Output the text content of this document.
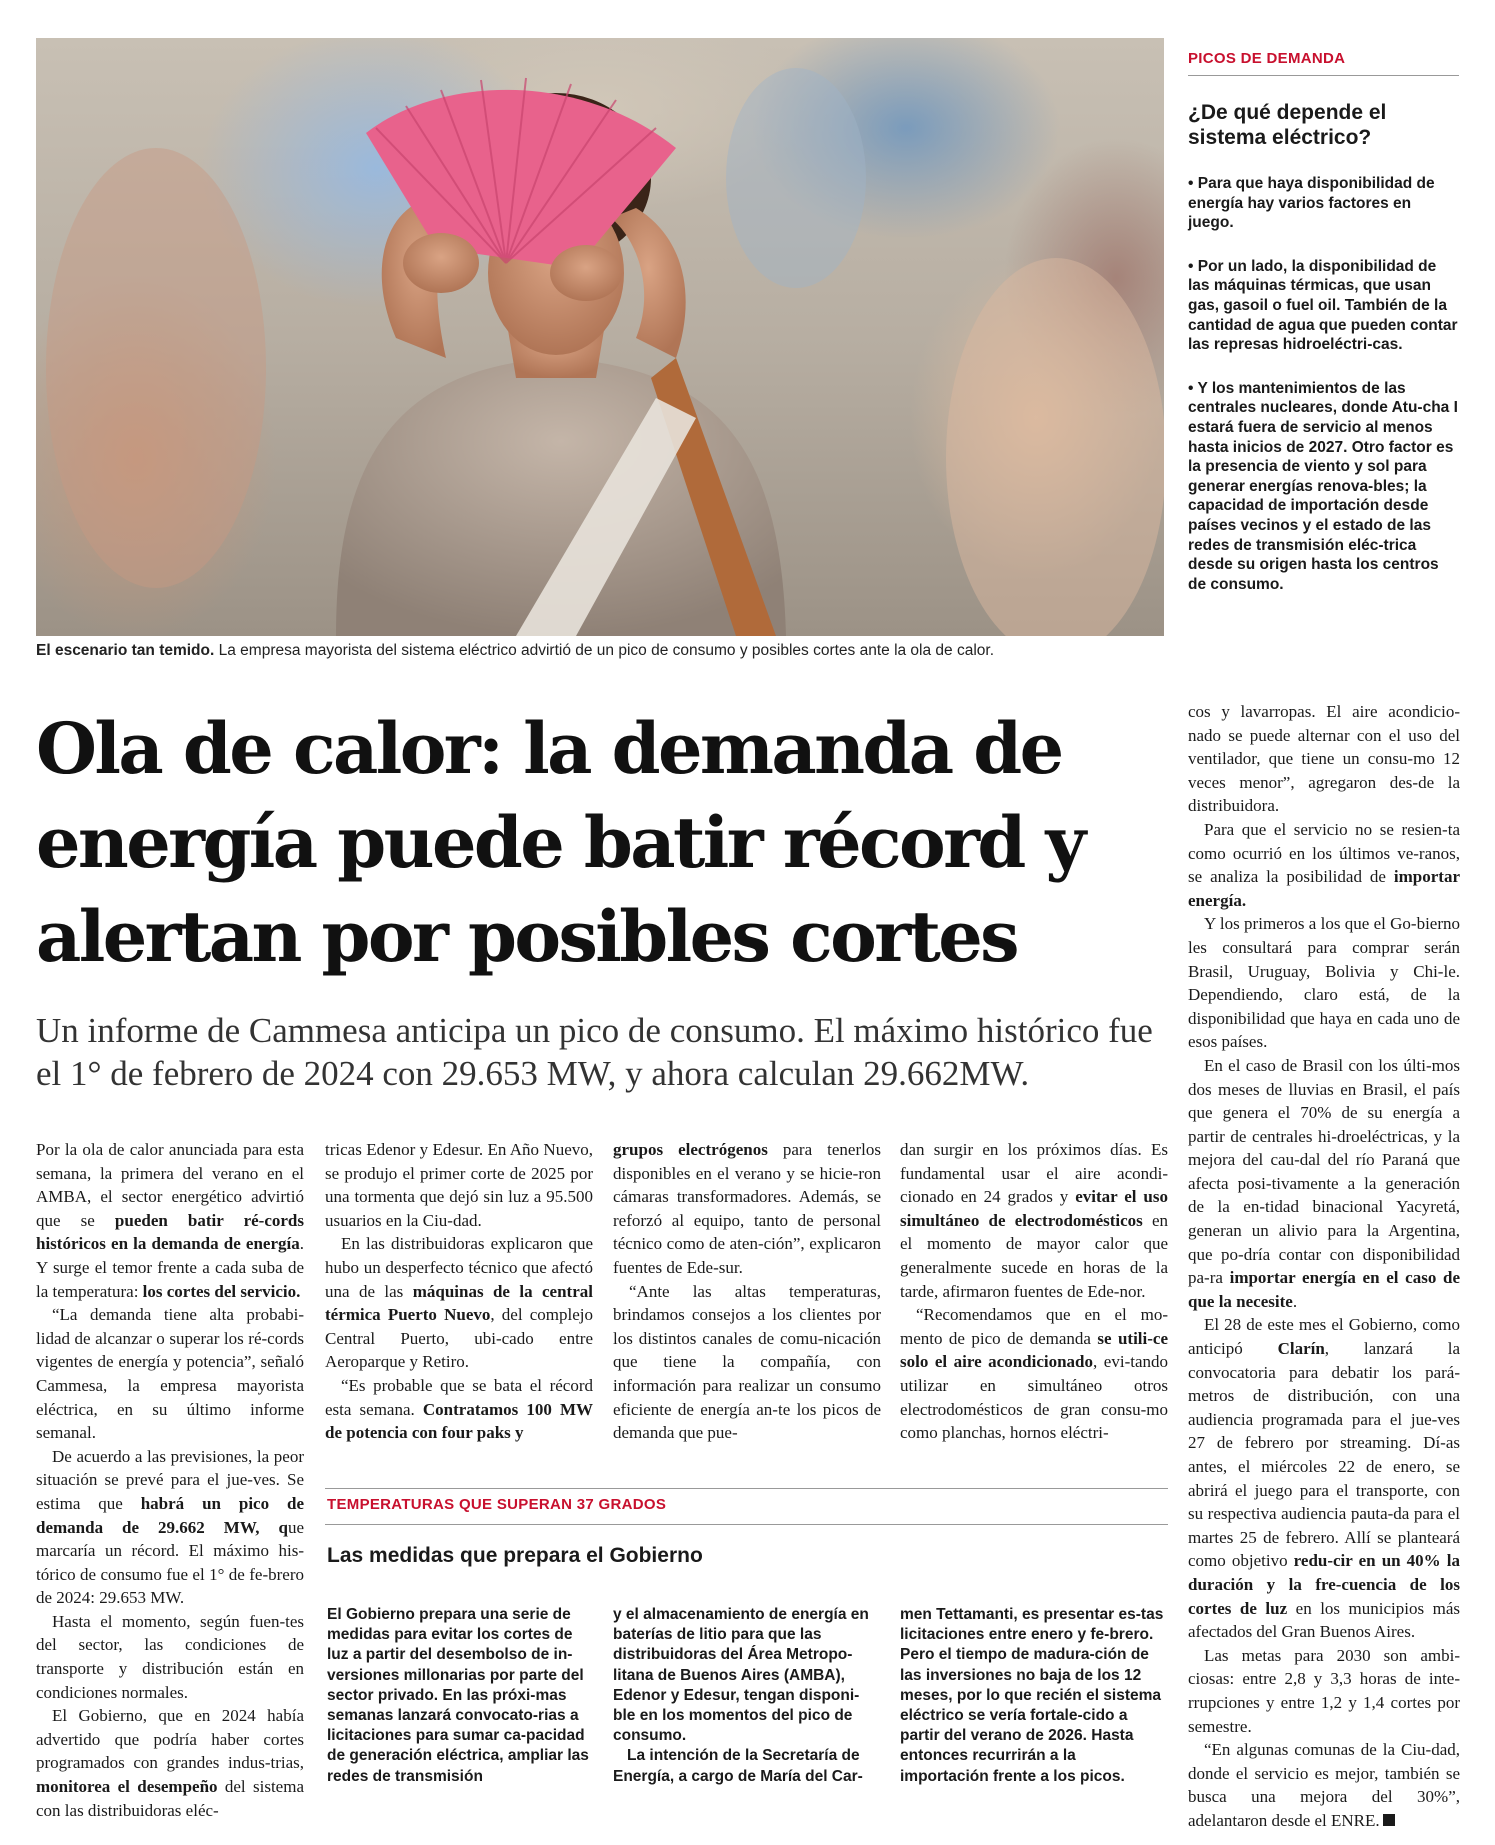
El escenario tan temido. La empresa mayorista del sistema eléctrico advirtió de un pico de consumo y posibles cortes ante la ola de calor.
PICOS DE DEMANDA
¿De qué depende el sistema eléctrico?
• Para que haya disponibilidad de energía hay varios factores en juego.
• Por un lado, la disponibilidad de las máquinas térmicas, que usan gas, gasoil o fuel oil. También de la cantidad de agua que pueden contar las represas hidroeléctri-cas.
• Y los mantenimientos de las centrales nucleares, donde Atu-cha I estará fuera de servicio al menos hasta inicios de 2027. Otro factor es la presencia de viento y sol para generar energías renova-bles; la capacidad de importación desde países vecinos y el estado de las redes de transmisión eléc-trica desde su origen hasta los centros de consumo.
Ola de calor: la demanda de energía puede batir récord y alertan por posibles cortes

Un informe de Cammesa anticipa un pico de consumo. El máximo histórico fue el 1° de febrero de 2024 con 29.653 MW, y ahora calculan 29.662MW.

Por la ola de calor anunciada para esta semana, la primera del verano en el AMBA, el sector energético advirtió que se pueden batir ré-cords históricos en la demanda de energía. Y surge el temor frente a cada suba de la temperatura: los cortes del servicio.

“La demanda tiene alta probabi-lidad de alcanzar o superar los ré-cords vigentes de energía y potencia”, señaló Cammesa, la empresa mayorista eléctrica, en su último informe semanal.

De acuerdo a las previsiones, la peor situación se prevé para el jue-ves. Se estima que habrá un pico de demanda de 29.662 MW, que marcaría un récord. El máximo his-tórico de consumo fue el 1° de fe-brero de 2024: 29.653 MW.

Hasta el momento, según fuen-tes del sector, las condiciones de transporte y distribución están en condiciones normales.

El Gobierno, que en 2024 había advertido que podría haber cortes programados con grandes indus-trias, monitorea el desempeño del sistema con las distribuidoras eléc-

tricas Edenor y Edesur. En Año Nuevo, se produjo el primer corte de 2025 por una tormenta que dejó sin luz a 95.500 usuarios en la Ciu-dad.

En las distribuidoras explicaron que hubo un desperfecto técnico que afectó una de las máquinas de la central térmica Puerto Nuevo, del complejo Central Puerto, ubi-cado entre Aeroparque y Retiro.

“Es probable que se bata el récord esta semana. Contratamos 100 MW de potencia con four paks y

grupos electrógenos para tenerlos disponibles en el verano y se hicie-ron cámaras transformadores. Además, se reforzó al equipo, tanto de personal técnico como de aten-ción”, explicaron fuentes de Ede-sur.

“Ante las altas temperaturas, brindamos consejos a los clientes por los distintos canales de comu-nicación que tiene la compañía, con información para realizar un consumo eficiente de energía an-te los picos de demanda que pue-

dan surgir en los próximos días. Es fundamental usar el aire acondi-cionado en 24 grados y evitar el uso simultáneo de electrodomésticos en el momento de mayor calor que generalmente sucede en horas de la tarde, afirmaron fuentes de Ede-nor.

“Recomendamos que en el mo-mento de pico de demanda se utili-ce solo el aire acondicionado, evi-tando utilizar en simultáneo otros electrodomésticos de gran consu-mo como planchas, hornos eléctri-

cos y lavarropas. El aire acondicio-nado se puede alternar con el uso del ventilador, que tiene un consu-mo 12 veces menor”, agregaron des-de la distribuidora.

Para que el servicio no se resien-ta como ocurrió en los últimos ve-ranos, se analiza la posibilidad de importar energía.

Y los primeros a los que el Go-bierno les consultará para comprar serán Brasil, Uruguay, Bolivia y Chi-le. Dependiendo, claro está, de la disponibilidad que haya en cada uno de esos países.

En el caso de Brasil con los últi-mos dos meses de lluvias en Brasil, el país que genera el 70% de su energía a partir de centrales hi-droeléctricas, y la mejora del cau-dal del río Paraná que afecta posi-tivamente a la generación de la en-tidad binacional Yacyretá, generan un alivio para la Argentina, que po-dría contar con disponibilidad pa-ra importar energía en el caso de que la necesite.

El 28 de este mes el Gobierno, como anticipó Clarín, lanzará la convocatoria para debatir los pará-metros de distribución, con una audiencia programada para el jue-ves 27 de febrero por streaming. Dí-as antes, el miércoles 22 de enero, se abrirá el juego para el transporte, con su respectiva audiencia pauta-da para el martes 25 de febrero. Allí se planteará como objetivo redu-cir en un 40% la duración y la fre-cuencia de los cortes de luz en los municipios más afectados del Gran Buenos Aires.

Las metas para 2030 son ambi-ciosas: entre 2,8 y 3,3 horas de inte-rrupciones y entre 1,2 y 1,4 cortes por semestre.

“En algunas comunas de la Ciu-dad, donde el servicio es mejor, también se busca una mejora del 30%”, adelantaron desde el ENRE.

TEMPERATURAS QUE SUPERAN 37 GRADOS
Las medidas que prepara el Gobierno

El Gobierno prepara una serie de medidas para evitar los cortes de luz a partir del desembolso de in-versiones millonarias por parte del sector privado. En las próxi-mas semanas lanzará convocato-rias a licitaciones para sumar ca-pacidad de generación eléctrica, ampliar las redes de transmisión

y el almacenamiento de energía en baterías de litio para que las distribuidoras del Área Metropo-litana de Buenos Aires (AMBA), Edenor y Edesur, tengan disponi-ble en los momentos del pico de consumo.

La intención de la Secretaría de Energía, a cargo de María del Car-

men Tettamanti, es presentar es-tas licitaciones entre enero y fe-brero. Pero el tiempo de madura-ción de las inversiones no baja de los 12 meses, por lo que recién el sistema eléctrico se vería fortale-cido a partir del verano de 2026. Hasta entonces recurrirán a la importación frente a los picos.
